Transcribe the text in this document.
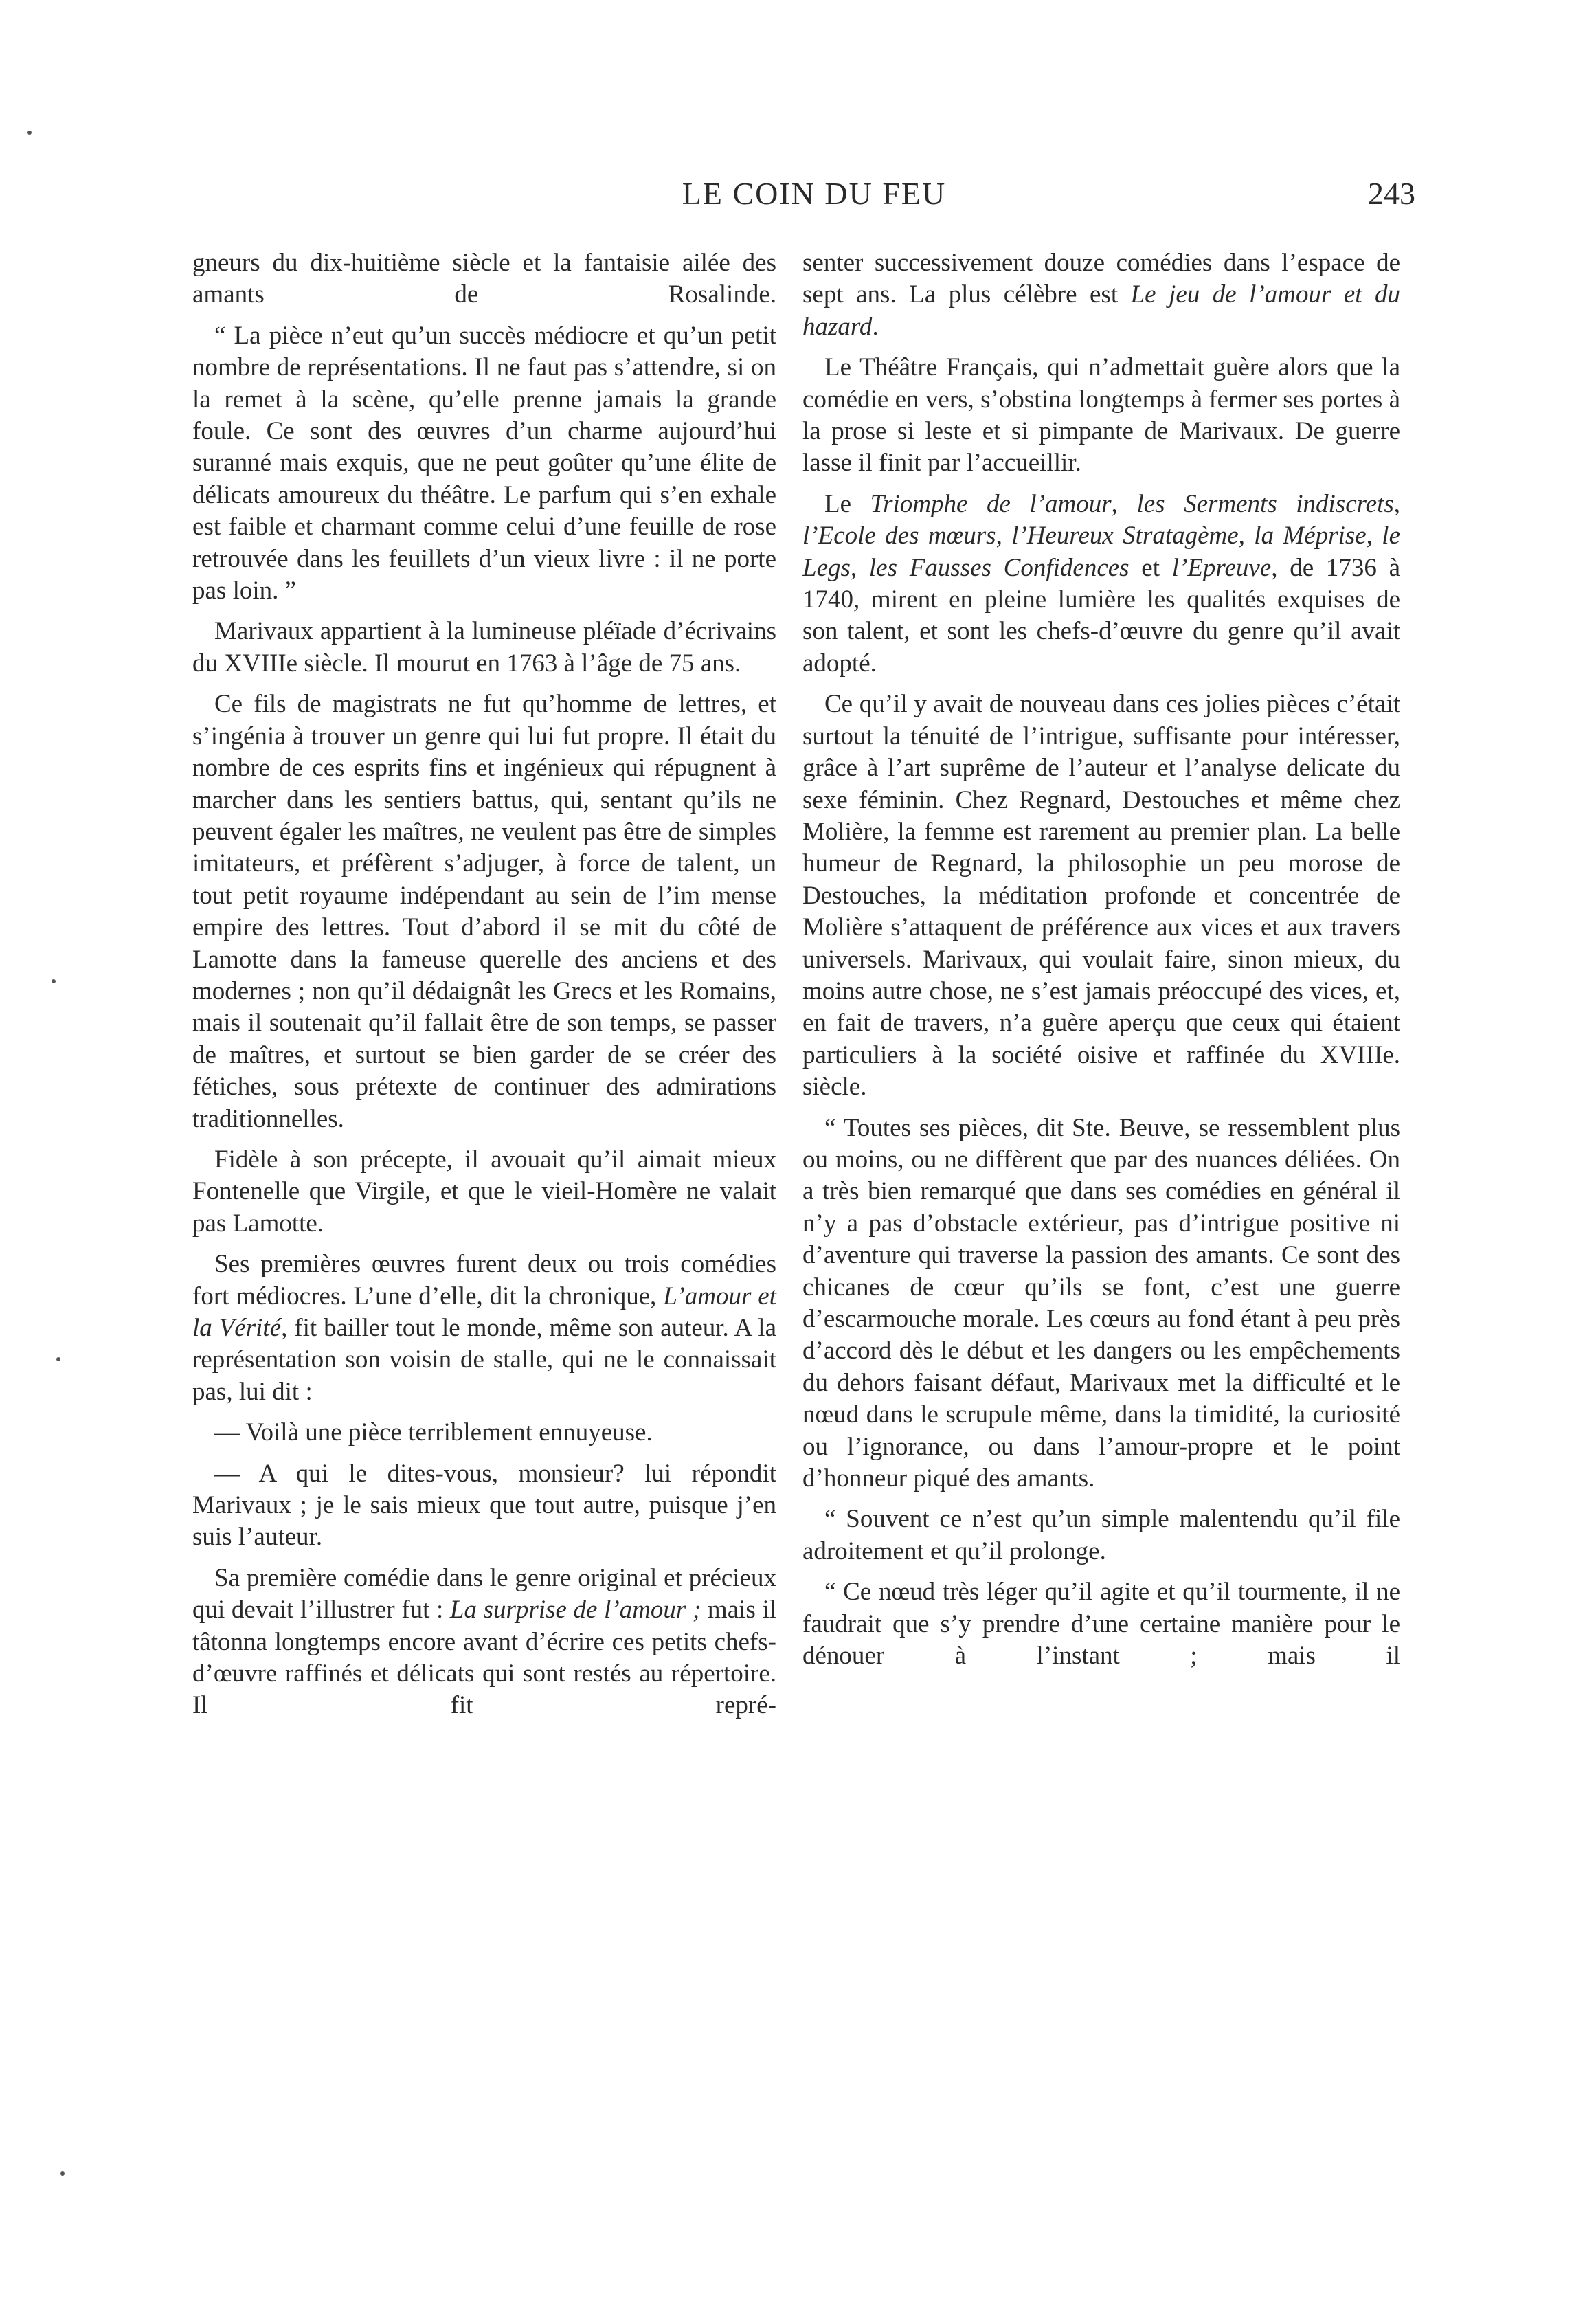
LE COIN DU FEU	243

gneurs du dix-huitième siècle et la fantaisie ailée des amants de Rosalinde.

“ La pièce n’eut qu’un succès médiocre et qu’un petit nombre de représentations. Il ne faut pas s’attendre, si on la remet à la scène, qu’elle prenne jamais la grande foule. Ce sont des œuvres d’un charme aujourd’hui suranné mais exquis, que ne peut goûter qu’une élite de délicats amoureux du théâtre. Le parfum qui s’en exhale est faible et charmant comme celui d’une feuille de rose retrouvée dans les feuillets d’un vieux livre : il ne porte pas loin. ”

Marivaux appartient à la lumineuse pléïade d’écrivains du XVIIIe siècle. Il mourut en 1763 à l’âge de 75 ans.

Ce fils de magistrats ne fut qu’homme de lettres, et s’ingénia à trouver un genre qui lui fut propre. Il était du nombre de ces esprits fins et ingénieux qui répugnent à marcher dans les sentiers battus, qui, sentant qu’ils ne peuvent égaler les maîtres, ne veulent pas être de simples imitateurs, et préfèrent s’adjuger, à force de talent, un tout petit royaume indépendant au sein de l’im mense empire des lettres. Tout d’abord il se mit du côté de Lamotte dans la fameuse querelle des anciens et des modernes ; non qu’il dédaignât les Grecs et les Romains, mais il soutenait qu’il fallait être de son temps, se passer de maîtres, et surtout se bien garder de se créer des fétiches, sous prétexte de continuer des admirations traditionnelles.

Fidèle à son précepte, il avouait qu’il aimait mieux Fontenelle que Virgile, et que le vieil-Homère ne valait pas Lamotte.

Ses premières œuvres furent deux ou trois comédies fort médiocres. L’une d’elle, dit la chronique, L’amour et la Vérité, fit bailler tout le monde, même son auteur. A la représentation son voisin de stalle, qui ne le connaissait pas, lui dit :

— Voilà une pièce terriblement ennuyeuse.

— A qui le dites-vous, monsieur? lui répondit Marivaux ; je le sais mieux que tout autre, puisque j’en suis l’auteur.

Sa première comédie dans le genre original et précieux qui devait l’illustrer fut : La surprise de l’amour ; mais il tâtonna longtemps encore avant d’écrire ces petits chefs-d’œuvre raffinés et délicats qui sont restés au répertoire. Il fit repré-

senter successivement douze comédies dans l’espace de sept ans. La plus célèbre est Le jeu de l’amour et du hazard.

Le Théâtre Français, qui n’admettait guère alors que la comédie en vers, s’obstina longtemps à fermer ses portes à la prose si leste et si pimpante de Marivaux. De guerre lasse il finit par l’accueillir.

Le Triomphe de l’amour, les Serments indiscrets, l’Ecole des mœurs, l’Heureux Stratagème, la Méprise, le Legs, les Fausses Confidences et l’Epreuve, de 1736 à 1740, mirent en pleine lumière les qualités exquises de son talent, et sont les chefs-d’œuvre du genre qu’il avait adopté.

Ce qu’il y avait de nouveau dans ces jolies pièces c’était surtout la ténuité de l’intrigue, suffisante pour intéresser, grâce à l’art suprême de l’auteur et l’analyse delicate du sexe féminin. Chez Regnard, Destouches et même chez Molière, la femme est rarement au premier plan. La belle humeur de Regnard, la philosophie un peu morose de Destouches, la méditation profonde et concentrée de Molière s’attaquent de préférence aux vices et aux travers universels. Marivaux, qui voulait faire, sinon mieux, du moins autre chose, ne s’est jamais préoccupé des vices, et, en fait de travers, n’a guère aperçu que ceux qui étaient particuliers à la société oisive et raffinée du XVIIIe. siècle.

“ Toutes ses pièces, dit Ste. Beuve, se ressemblent plus ou moins, ou ne diffèrent que par des nuances déliées. On a très bien remarqué que dans ses comédies en général il n’y a pas d’obstacle extérieur, pas d’intrigue positive ni d’aventure qui traverse la passion des amants. Ce sont des chicanes de cœur qu’ils se font, c’est une guerre d’escarmouche morale. Les cœurs au fond étant à peu près d’accord dès le début et les dangers ou les empêchements du dehors faisant défaut, Marivaux met la difficulté et le nœud dans le scrupule même, dans la timidité, la curiosité ou l’ignorance, ou dans l’amour-propre et le point d’honneur piqué des amants.

“ Souvent ce n’est qu’un simple malentendu qu’il file adroitement et qu’il prolonge.

“ Ce nœud très léger qu’il agite et qu’il tourmente, il ne faudrait que s’y prendre d’une certaine manière pour le dénouer à l’instant ; mais il
